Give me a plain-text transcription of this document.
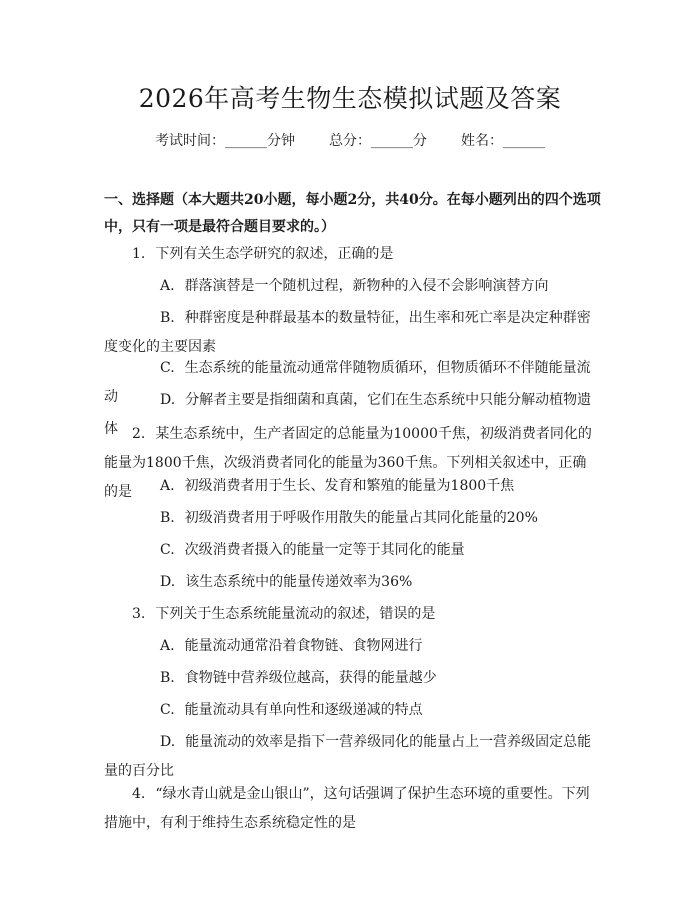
2026年高考生物生态模拟试题及答案
考试时间：______分钟 总分：______分 姓名：______
一、选择题（本大题共20小题，每小题2分，共40分。在每小题列出的四个选项中，只有一项是最符合题目要求的。）
1. 下列有关生态学研究的叙述，正确的是
A. 群落演替是一个随机过程，新物种的入侵不会影响演替方向
B. 种群密度是种群最基本的数量特征，出生率和死亡率是决定种群密度变化的主要因素
C. 生态系统的能量流动通常伴随物质循环，但物质循环不伴随能量流动	D. 分解者主要是指细菌和真菌，它们在生态系统中只能分解动植物遗体	2. 某生态系统中，生产者固定的总能量为10000千焦，初级消费者同化的能量为1800千焦，次级消费者同化的能量为360千焦。下列相关叙述中，正确的是	A. 初级消费者用于生长、发育和繁殖的能量为1800千焦
B. 初级消费者用于呼吸作用散失的能量占其同化能量的20%
C. 次级消费者摄入的能量一定等于其同化的能量
D. 该生态系统中的能量传递效率为36%
3. 下列关于生态系统能量流动的叙述，错误的是
A. 能量流动通常沿着食物链、食物网进行
B. 食物链中营养级位越高，获得的能量越少
C. 能量流动具有单向性和逐级递减的特点
D. 能量流动的效率是指下一营养级同化的能量占上一营养级固定总能量的百分比
4. “绿水青山就是金山银山”，这句话强调了保护生态环境的重要性。下列措施中，有利于维持生态系统稳定性的是
